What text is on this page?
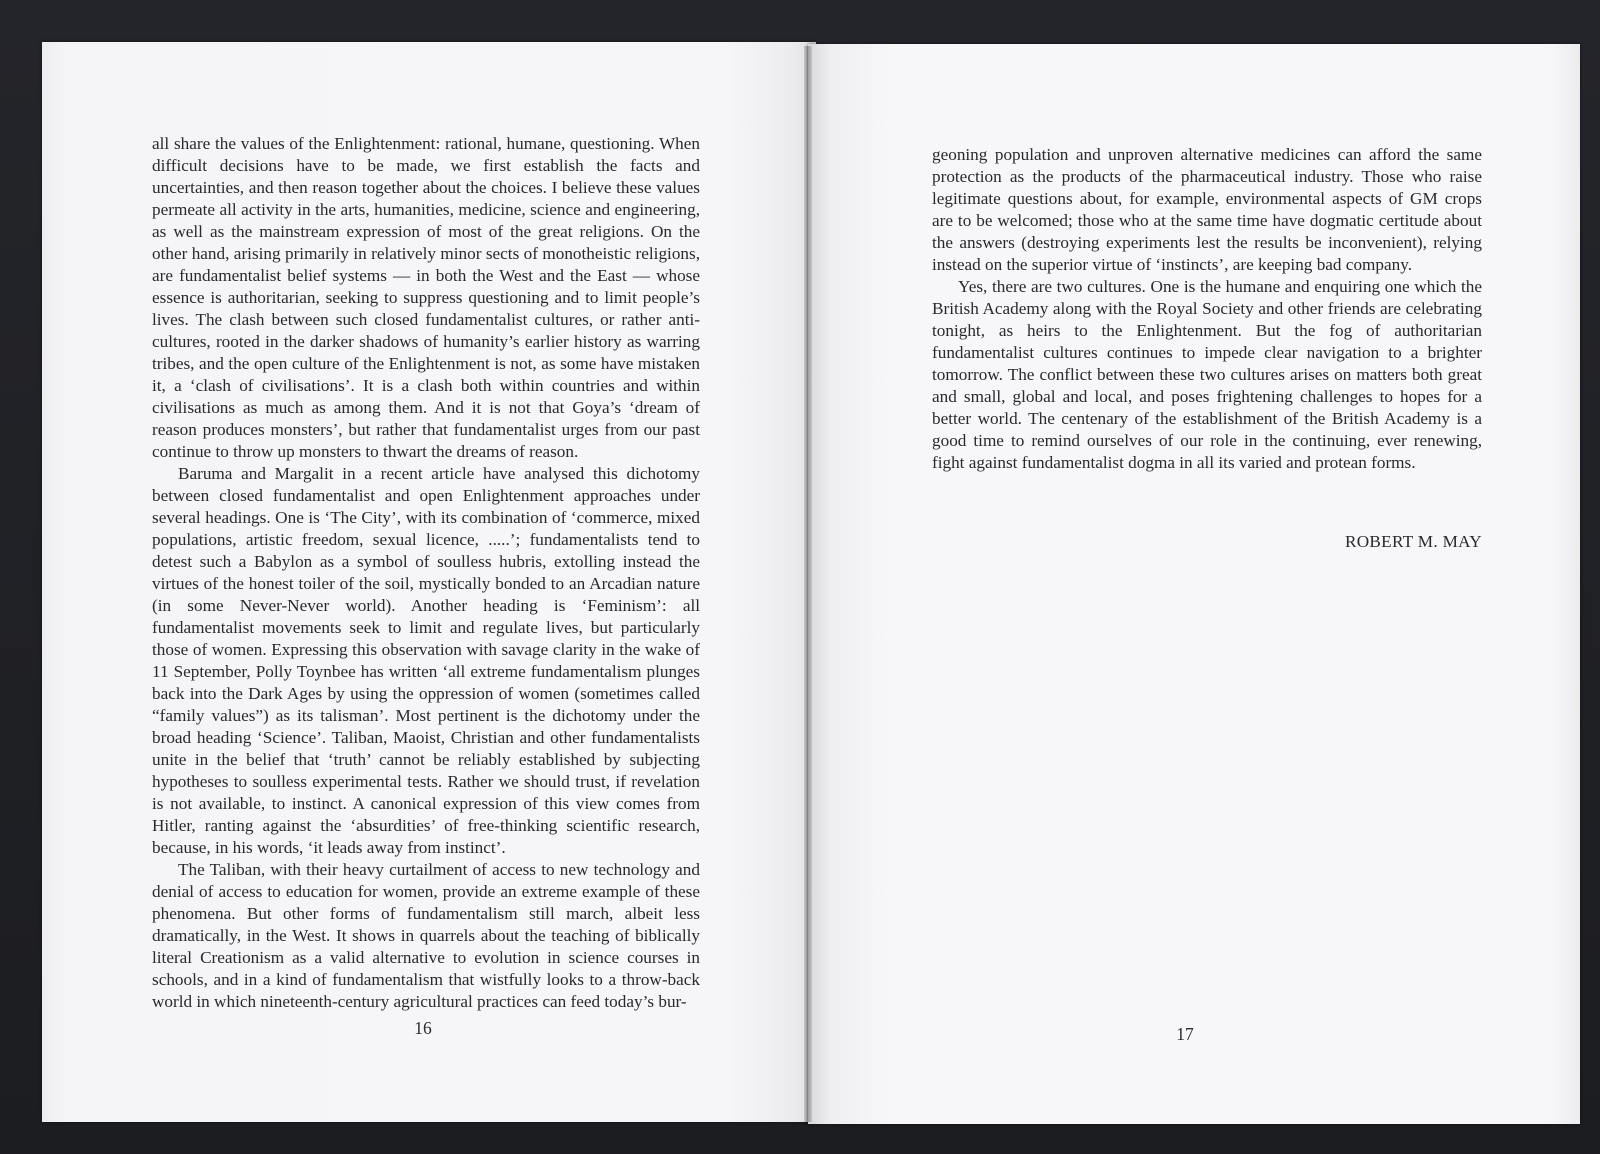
all share the values of the Enlightenment: rational, humane, questioning. When difficult decisions have to be made, we first establish the facts and uncertainties, and then reason together about the choices. I believe these values permeate all activity in the arts, humanities, medicine, science and engineering, as well as the mainstream expression of most of the great religions. On the other hand, arising primarily in relatively minor sects of monotheistic religions, are fundamentalist belief systems — in both the West and the East — whose essence is authoritarian, seeking to suppress questioning and to limit people’s lives. The clash between such closed fundamentalist cultures, or rather anti-cultures, rooted in the darker shadows of humanity’s earlier history as warring tribes, and the open culture of the Enlightenment is not, as some have mistaken it, a ‘clash of civilisations’. It is a clash both within countries and within civilisations as much as among them. And it is not that Goya’s ‘dream of reason produces monsters’, but rather that fundamentalist urges from our past continue to throw up monsters to thwart the dreams of reason.

Baruma and Margalit in a recent article have analysed this dichotomy between closed fundamentalist and open Enlightenment approaches under several headings. One is ‘The City’, with its combination of ‘commerce, mixed populations, artistic freedom, sexual licence, .....’; fundamentalists tend to detest such a Babylon as a symbol of soulless hubris, extolling instead the virtues of the honest toiler of the soil, mystically bonded to an Arcadian nature (in some Never-Never world). Another heading is ‘Feminism’: all fundamentalist movements seek to limit and regulate lives, but particularly those of women. Expressing this observation with savage clarity in the wake of 11 September, Polly Toynbee has written ‘all extreme fundamentalism plunges back into the Dark Ages by using the oppression of women (sometimes called “family values”) as its talisman’. Most pertinent is the dichotomy under the broad heading ‘Science’. Taliban, Maoist, Christian and other fundamentalists unite in the belief that ‘truth’ cannot be reliably established by subjecting hypotheses to soulless experimental tests. Rather we should trust, if revelation is not available, to instinct. A canonical expression of this view comes from Hitler, ranting against the ‘absurdities’ of free-thinking scientific research, because, in his words, ‘it leads away from instinct’.

The Taliban, with their heavy curtailment of access to new technology and denial of access to education for women, provide an extreme example of these phenomena. But other forms of fundamentalism still march, albeit less dramatically, in the West. It shows in quarrels about the teaching of biblically literal Creationism as a valid alternative to evolution in science courses in schools, and in a kind of fundamentalism that wistfully looks to a throw-back world in which nineteenth-century agricultural practices can feed today’s bur-

16

geoning population and unproven alternative medicines can afford the same protection as the products of the pharmaceutical industry. Those who raise legitimate questions about, for example, environmental aspects of GM crops are to be welcomed; those who at the same time have dogmatic certitude about the answers (destroying experiments lest the results be inconvenient), relying instead on the superior virtue of ‘instincts’, are keeping bad company.

Yes, there are two cultures. One is the humane and enquiring one which the British Academy along with the Royal Society and other friends are celebrating tonight, as heirs to the Enlightenment. But the fog of authoritarian fundamentalist cultures continues to impede clear navigation to a brighter tomorrow. The conflict between these two cultures arises on matters both great and small, global and local, and poses frightening challenges to hopes for a better world. The centenary of the establishment of the British Academy is a good time to remind ourselves of our role in the continuing, ever renewing, fight against fundamentalist dogma in all its varied and protean forms.

ROBERT M. MAY
17
